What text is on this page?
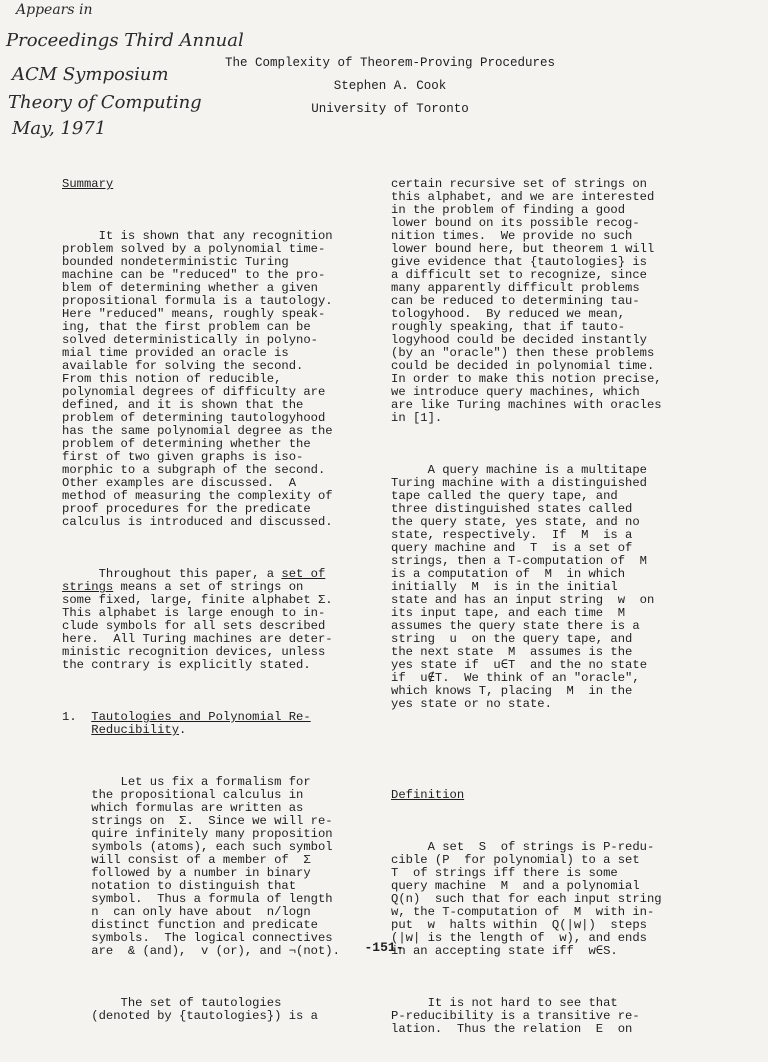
Appears in
Proceedings Third Annual
ACM Symposium
Theory of Computing
May, 1971
The Complexity of Theorem-Proving Procedures
Stephen A. Cook
University of Toronto

Summary

It is shown that any recognition
problem solved by a polynomial time-
bounded nondeterministic Turing
machine can be "reduced" to the pro-
blem of determining whether a given
propositional formula is a tautology.
Here "reduced" means, roughly speak-
ing, that the first problem can be
solved deterministically in polyno-
mial time provided an oracle is
available for solving the second.
From this notion of reducible,
polynomial degrees of difficulty are
defined, and it is shown that the
problem of determining tautologyhood
has the same polynomial degree as the
problem of determining whether the
first of two given graphs is iso-
morphic to a subgraph of the second.
Other examples are discussed.  A
method of measuring the complexity of
proof procedures for the predicate
calculus is introduced and discussed.

Throughout this paper, a set of
strings means a set of strings on
some fixed, large, finite alphabet Σ.
This alphabet is large enough to in-
clude symbols for all sets described
here.  All Turing machines are deter-
ministic recognition devices, unless
the contrary is explicitly stated.

1.  Tautologies and Polynomial Re-
Reducibility.

Let us fix a formalism for
the propositional calculus in
which formulas are written as
strings on  Σ.  Since we will re-
quire infinitely many proposition
symbols (atoms), each such symbol
will consist of a member of  Σ
followed by a number in binary
notation to distinguish that
symbol.  Thus a formula of length
n  can only have about  n/logn
distinct function and predicate
symbols.  The logical connectives
are  & (and),  v (or), and ¬(not).

The set of tautologies
(denoted by {tautologies}) is a

certain recursive set of strings on
this alphabet, and we are interested
in the problem of finding a good
lower bound on its possible recog-
nition times.  We provide no such
lower bound here, but theorem 1 will
give evidence that {tautologies} is
a difficult set to recognize, since
many apparently difficult problems
can be reduced to determining tau-
tologyhood.  By reduced we mean,
roughly speaking, that if tauto-
logyhood could be decided instantly
(by an "oracle") then these problems
could be decided in polynomial time.
In order to make this notion precise,
we introduce query machines, which
are like Turing machines with oracles
in [1].

A query machine is a multitape
Turing machine with a distinguished
tape called the query tape, and
three distinguished states called
the query state, yes state, and no
state, respectively.  If  M  is a
query machine and  T  is a set of
strings, then a T-computation of  M
is a computation of  M  in which
initially  M  is in the initial
state and has an input string  w  on
its input tape, and each time  M
assumes the query state there is a
string  u  on the query tape, and
the next state  M  assumes is the
yes state if  u∈T  and the no state
if  u∉T.  We think of an "oracle",
which knows T, placing  M  in the
yes state or no state.

Definition

A set  S  of strings is P-redu-
cible (P  for polynomial) to a set
T  of strings iff there is some
query machine  M  and a polynomial
Q(n)  such that for each input string
w, the T-computation of  M  with in-
put  w  halts within  Q(|w|)  steps
(|w| is the length of  w), and ends
in an accepting state iff  w∈S.

It is not hard to see that
P-reducibility is a transitive re-
lation.  Thus the relation  E  on

-151-
